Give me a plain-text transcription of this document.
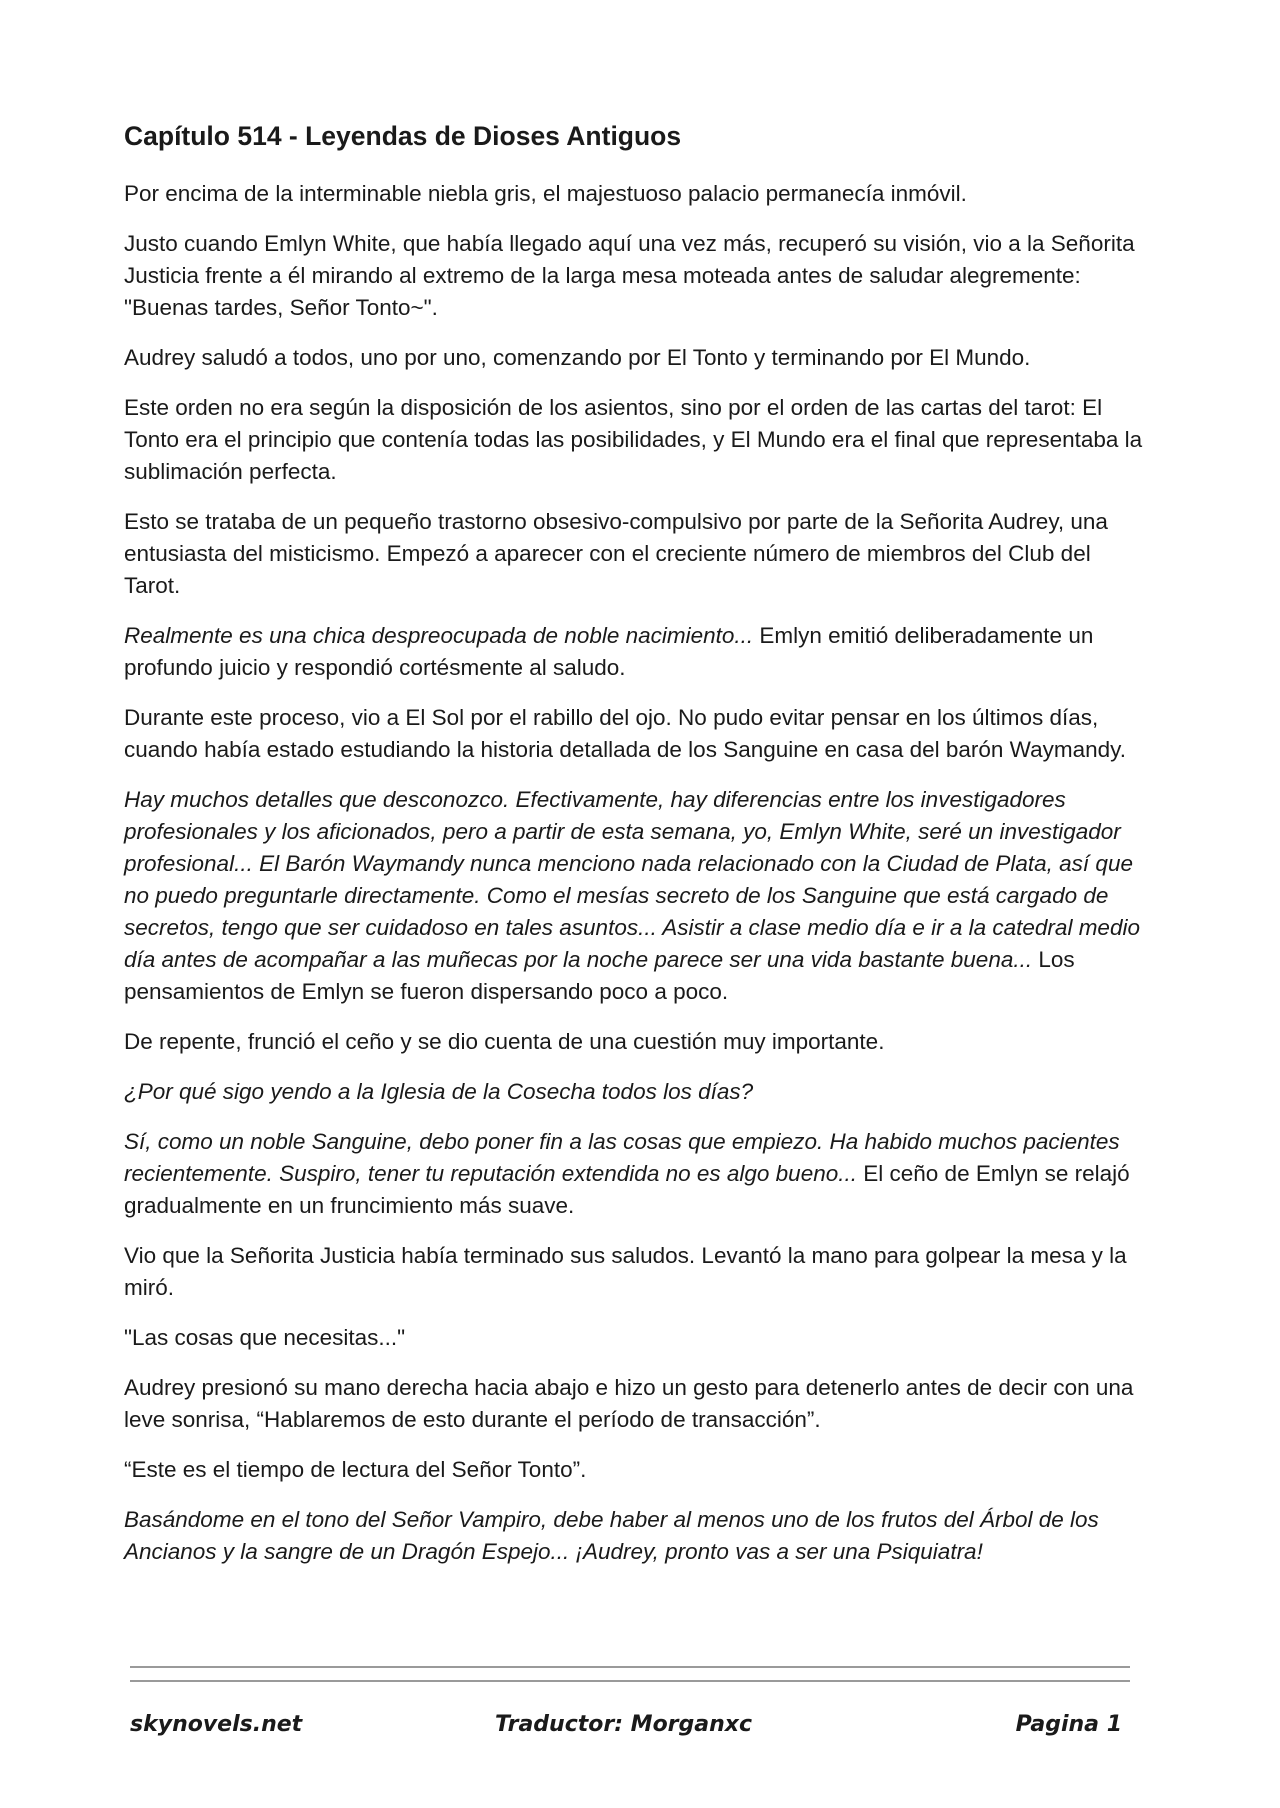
Capítulo 514 - Leyendas de Dioses Antiguos

Por encima de la interminable niebla gris, el majestuoso palacio permanecía inmóvil.

Justo cuando Emlyn White, que había llegado aquí una vez más, recuperó su visión, vio a la Señorita Justicia frente a él mirando al extremo de la larga mesa moteada antes de saludar alegremente: "Buenas tardes, Señor Tonto~".

Audrey saludó a todos, uno por uno, comenzando por El Tonto y terminando por El Mundo.

Este orden no era según la disposición de los asientos, sino por el orden de las cartas del tarot: El Tonto era el principio que contenía todas las posibilidades, y El Mundo era el final que representaba la sublimación perfecta.

Esto se trataba de un pequeño trastorno obsesivo-compulsivo por parte de la Señorita Audrey, una entusiasta del misticismo. Empezó a aparecer con el creciente número de miembros del Club del Tarot.

Realmente es una chica despreocupada de noble nacimiento... Emlyn emitió deliberadamente un profundo juicio y respondió cortésmente al saludo.

Durante este proceso, vio a El Sol por el rabillo del ojo. No pudo evitar pensar en los últimos días, cuando había estado estudiando la historia detallada de los Sanguine en casa del barón Waymandy.

Hay muchos detalles que desconozco. Efectivamente, hay diferencias entre los investigadores profesionales y los aficionados, pero a partir de esta semana, yo, Emlyn White, seré un investigador profesional... El Barón Waymandy nunca menciono nada relacionado con la Ciudad de Plata, así que no puedo preguntarle directamente. Como el mesías secreto de los Sanguine que está cargado de secretos, tengo que ser cuidadoso en tales asuntos... Asistir a clase medio día e ir a la catedral medio día antes de acompañar a las muñecas por la noche parece ser una vida bastante buena... Los pensamientos de Emlyn se fueron dispersando poco a poco.

De repente, frunció el ceño y se dio cuenta de una cuestión muy importante.

¿Por qué sigo yendo a la Iglesia de la Cosecha todos los días?

Sí, como un noble Sanguine, debo poner fin a las cosas que empiezo. Ha habido muchos pacientes recientemente. Suspiro, tener tu reputación extendida no es algo bueno... El ceño de Emlyn se relajó gradualmente en un fruncimiento más suave.

Vio que la Señorita Justicia había terminado sus saludos. Levantó la mano para golpear la mesa y la miró.

"Las cosas que necesitas..."

Audrey presionó su mano derecha hacia abajo e hizo un gesto para detenerlo antes de decir con una leve sonrisa, “Hablaremos de esto durante el período de transacción”.

“Este es el tiempo de lectura del Señor Tonto”.

Basándome en el tono del Señor Vampiro, debe haber al menos uno de los frutos del Árbol de los Ancianos y la sangre de un Dragón Espejo... ¡Audrey, pronto vas a ser una Psiquiatra!

skynovels.net	Traductor: Morganxc	Pagina 1
